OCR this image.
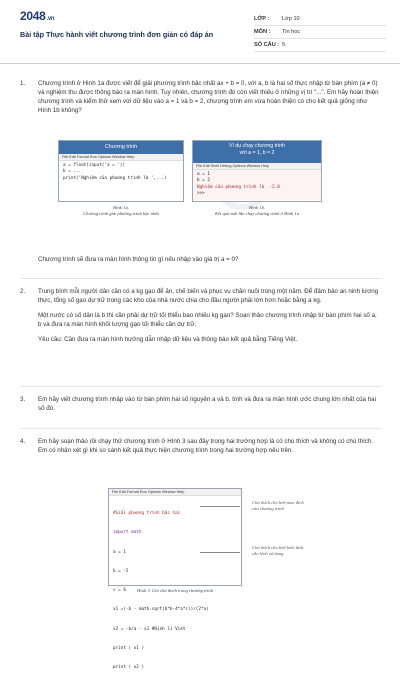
2048.vn
Bài tập Thực hành viết chương trình đơn giản có đáp án
LỚP :	Lớp 10
MÔN :	Tin học
SỐ CÂU : 5
1.	Chương trình ở Hình 1a được viết để giải phương trình bậc nhất ax + b = 0, với a, b là hai số thực nhập từ bàn phím (a ≠ 0) và nghiệm thu được thông báo ra màn hình. Tuy nhiên, chương trình đó còn viết thiếu ở những vị trí "...". Em hãy hoàn thiện chương trình và kiểm thử xem với dữ liệu vào a = 1 và b = 2, chương trình em vừa hoàn thiện có cho kết quả giống như Hình 1b không?

Chương trình
File Edit Format Run Options Window Help
a = float(input('a = '))
b = ...
print('Nghiệm của phương trình là ',...)
Ví dụ chạy chương trình
với a = 1, b = 2
File Edit Shell Debug Options Window Help
a = 1
b = 2
Nghiệm của phương trình là  -2.0
>>>
Hình 1a.
Chương trình giải phương trình bậc nhất
Hình 1b.
Kết quả một lần chạy chương trình ở Hình 1a

Chương trình sẽ đưa ra màn hình thông tin gì nếu nhập vào giá trị a = 0?

2.	Trung bình mỗi người dân cần có a kg gạo để ăn, chế biến và phục vụ chăn nuôi trong một năm. Để đảm bảo an ninh lương thực, tổng số gạo dự trữ trong các kho của nhà nước chia cho đầu người phải lớn hơn hoặc bằng a kg.

Một nước có số dân là b thì cần phải dự trữ tối thiểu bao nhiêu kg gạo? Soạn thảo chương trình nhập từ bàn phím hai số a, b và đưa ra màn hình khối lượng gạo tối thiểu cần dự trữ.

Yêu cầu: Cần đưa ra màn hình hướng dẫn nhập dữ liệu và thông báo kết quả bằng Tiếng Việt.

3.	Em hãy viết chương trình nhập vào từ bàn phím hai số nguyên a và b, tính và đưa ra màn hình ước chung lớn nhất của hai số đó.

4.	Em hãy soạn thảo rồi chạy thử chương trình ở Hình 3 sau đây trong hai trường hợp là có chú thích và không có chú thích. Em có nhận xét gì khi so sánh kết quả thực hiện chương trình trong hai trường hợp nêu trên.

File Edit Format Run Options Window Help

#Giải phương trình bậc hai

import math

a = 1

b = -5

c = 6

x1 =(-b - math.sqrt(b*b-4*a*c))/(2*a)

x2 = -b/a - x1 #Định lí Viet

print ( x1 )

print ( x2 )

Chú thích cho biết mục đích
của chương trình
Chú thích cho biết kiến thức
cần lệnh sử dụng
Hình 3. Ghi chú thích trong chương trình
